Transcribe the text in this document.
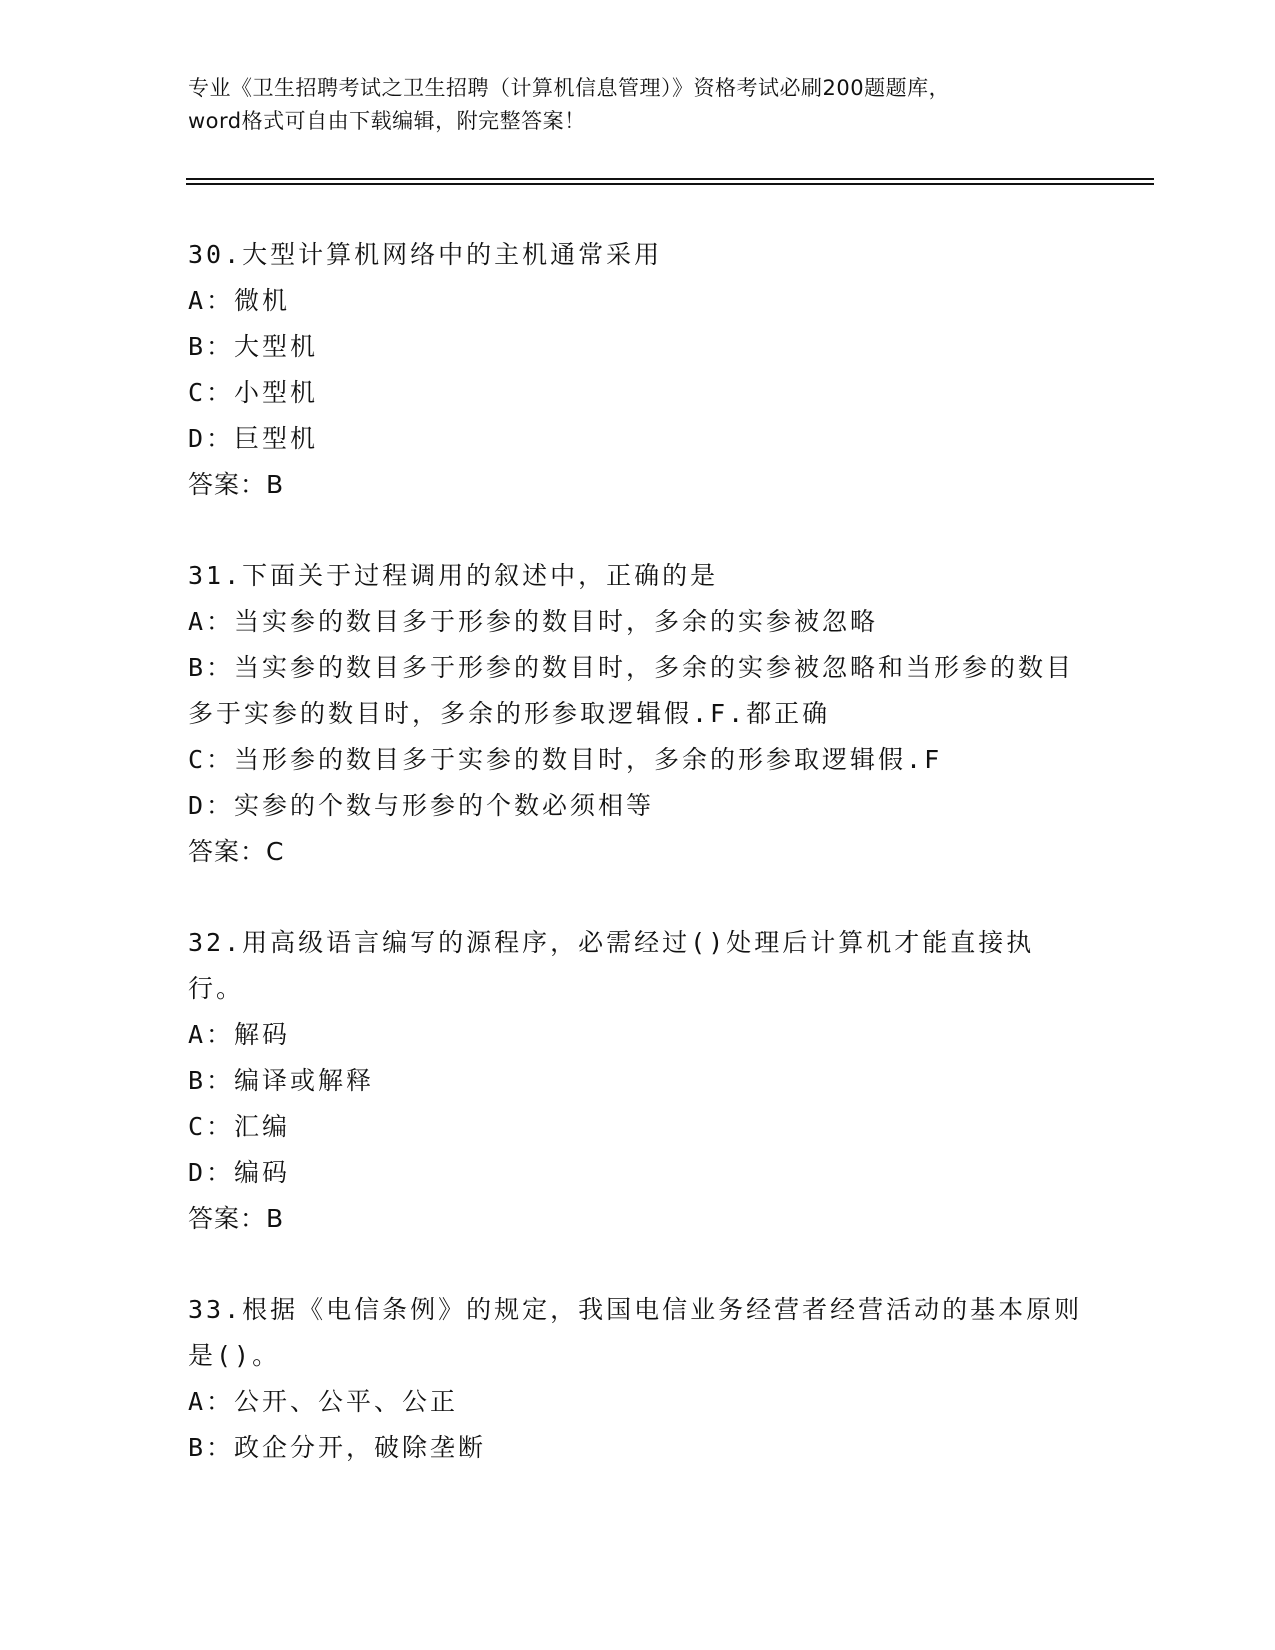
专业《卫生招聘考试之卫生招聘（计算机信息管理）》资格考试必刷200题题库，

word格式可自由下载编辑，附完整答案！

30.大型计算机网络中的主机通常采用

A：微机

B：大型机

C：小型机

D：巨型机

答案：B

31.下面关于过程调用的叙述中，正确的是

A：当实参的数目多于形参的数目时，多余的实参被忽略

B：当实参的数目多于形参的数目时，多余的实参被忽略和当形参的数目多于实参的数目时，多余的形参取逻辑假.F.都正确

C：当形参的数目多于实参的数目时，多余的形参取逻辑假.F

D：实参的个数与形参的个数必须相等

答案：C

32.用高级语言编写的源程序，必需经过()处理后计算机才能直接执行。

A：解码

B：编译或解释

C：汇编

D：编码

答案：B

33.根据《电信条例》的规定，我国电信业务经营者经营活动的基本原则是()。

A：公开、公平、公正

B：政企分开，破除垄断
